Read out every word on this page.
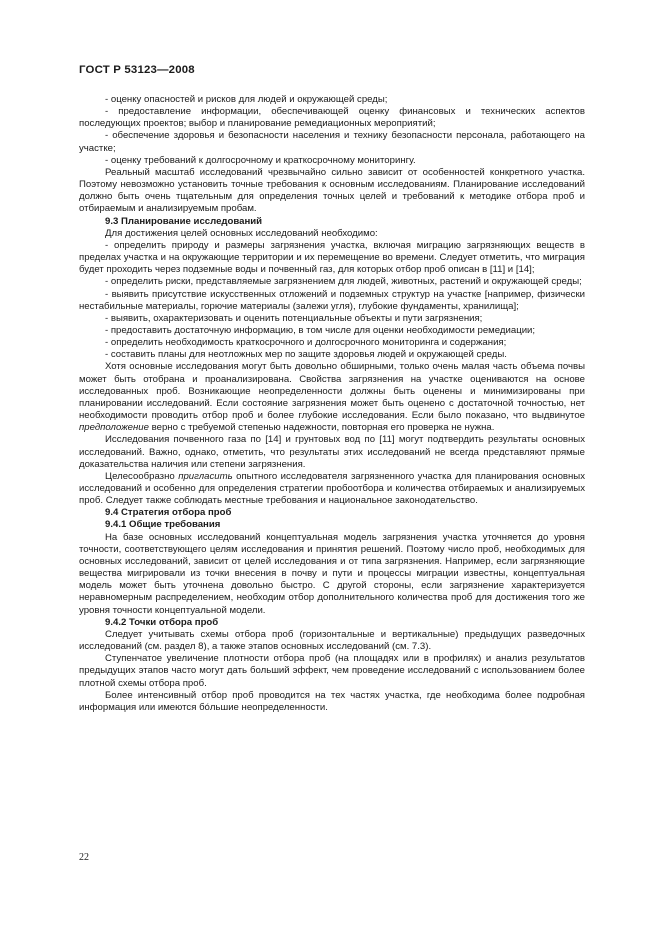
ГОСТ Р 53123—2008

- оценку опасностей и рисков для людей и окружающей среды;

- предоставление информации, обеспечивающей оценку финансовых и технических аспектов последующих проектов; выбор и планирование ремедиационных мероприятий;

- обеспечение здоровья и безопасности населения и технику безопасности персонала, работающего на участке;

- оценку требований к долгосрочному и краткосрочному мониторингу.

Реальный масштаб исследований чрезвычайно сильно зависит от особенностей конкретного участка. Поэтому невозможно установить точные требования к основным исследованиям. Планирование исследований должно быть очень тщательным для определения точных целей и требований к методике отбора проб и отбираемым и анализируемым пробам.

9.3 Планирование исследований

Для достижения целей основных исследований необходимо:

- определить природу и размеры загрязнения участка, включая миграцию загрязняющих веществ в пределах участка и на окружающие территории и их перемещение во времени. Следует отметить, что миграция будет проходить через подземные воды и почвенный газ, для которых отбор проб описан в [11] и [14];

- определить риски, представляемые загрязнением для людей, животных, растений и окружающей среды;

- выявить присутствие искусственных отложений и подземных структур на участке [например, физически нестабильные материалы, горючие материалы (залежи угля), глубокие фундаменты, хранилища];

- выявить, охарактеризовать и оценить потенциальные объекты и пути загрязнения;

- предоставить достаточную информацию, в том числе для оценки необходимости ремедиации;

- определить необходимость краткосрочного и долгосрочного мониторинга и содержания;

- составить планы для неотложных мер по защите здоровья людей и окружающей среды.

Хотя основные исследования могут быть довольно обширными, только очень малая часть объема почвы может быть отобрана и проанализирована. Свойства загрязнения на участке оцениваются на основе исследованных проб. Возникающие неопределенности должны быть оценены и минимизированы при планировании исследований. Если состояние загрязнения может быть оценено с достаточной точностью, нет необходимости проводить отбор проб и более глубокие исследования. Если было показано, что выдвинутое предположение верно с требуемой степенью надежности, повторная его проверка не нужна.

Исследования почвенного газа по [14] и грунтовых вод по [11] могут подтвердить результаты основных исследований. Важно, однако, отметить, что результаты этих исследований не всегда представляют прямые доказательства наличия или степени загрязнения.

Целесообразно пригласить опытного исследователя загрязненного участка для планирования основных исследований и особенно для определения стратегии пробоотбора и количества отбираемых и анализируемых проб. Следует также соблюдать местные требования и национальное законодательство.

9.4 Стратегия отбора проб

9.4.1 Общие требования

На базе основных исследований концептуальная модель загрязнения участка уточняется до уровня точности, соответствующего целям исследования и принятия решений. Поэтому число проб, необходимых для основных исследований, зависит от целей исследования и от типа загрязнения. Например, если загрязняющие вещества мигрировали из точки внесения в почву и пути и процессы миграции известны, концептуальная модель может быть уточнена довольно быстро. С другой стороны, если загрязнение характеризуется неравномерным распределением, необходим отбор дополнительного количества проб для достижения того же уровня точности концептуальной модели.

9.4.2 Точки отбора проб

Следует учитывать схемы отбора проб (горизонтальные и вертикальные) предыдущих разведочных исследований (см. раздел 8), а также этапов основных исследований (см. 7.3).

Ступенчатое увеличение плотности отбора проб (на площадях или в профилях) и анализ результатов предыдущих этапов часто могут дать больший эффект, чем проведение исследований с использованием более плотной схемы отбора проб.

Более интенсивный отбор проб проводится на тех частях участка, где необходима более подробная информация или имеются бóльшие неопределенности.

22
